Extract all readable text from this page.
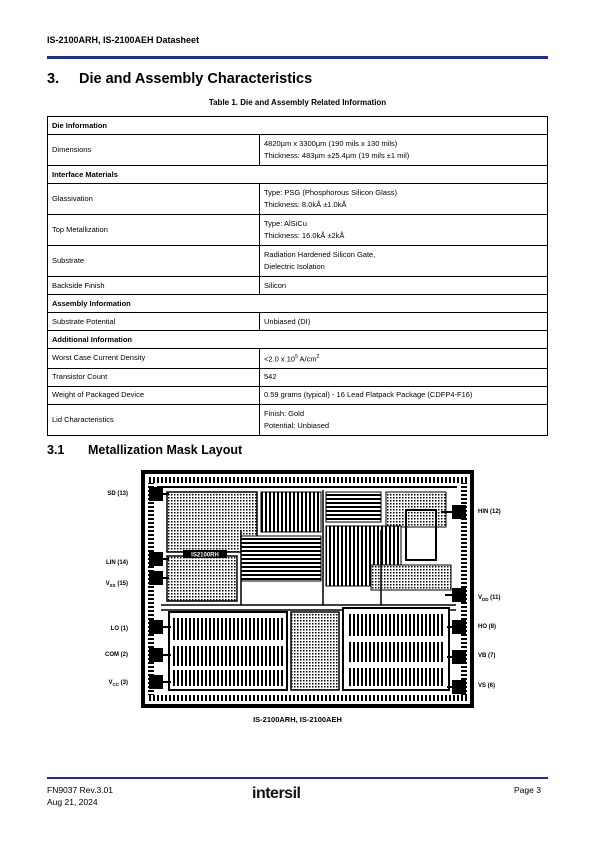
IS-2100ARH, IS-2100AEH Datasheet
3. Die and Assembly Characteristics
Table 1. Die and Assembly Related Information
Die Information	
Dimensions	4820µm x 3300µm (190 mils x 130 mils)
Thickness: 483µm ±25.4µm (19 mils ±1 mil)

Interface Materials	
Glassivation	Type: PSG (Phosphorous Silicon Glass)
Thickness: 8.0kÅ ±1.0kÅ

Top Metallization	Type: AlSiCu
Thickness: 16.0kÅ ±2kÅ

Substrate	Radiation Hardened Silicon Gate,
Dielectric Isolation

Backside Finish	Silicon
Assembly Information	
Substrate Potential	Unbiased (DI)
Additional Information	
Worst Case Current Density	<2.0 x $10^5$ $A/cm^2$
Transistor Count	542
Weight of Packaged Device	0.59 grams (typical) - 16 Lead Flatpack Package (CDFP4-F16)
Lid Characteristics	Finish: Gold
Potential: Unbiased
3.1 Metallization Mask Layout
SD (13)
LIN (14)
$V_{SS}$ (15)
LO (1)
COM (2)
$V_{CC}$ (3)
HIN (12)
$V_{DD}$ (11)
HO (8)
VB (7)
VS (6)
IS2100RH
IS-2100ARH, IS-2100AEH
FN9037 Rev.3.01
Aug 21, 2024
Page 3
intersil
